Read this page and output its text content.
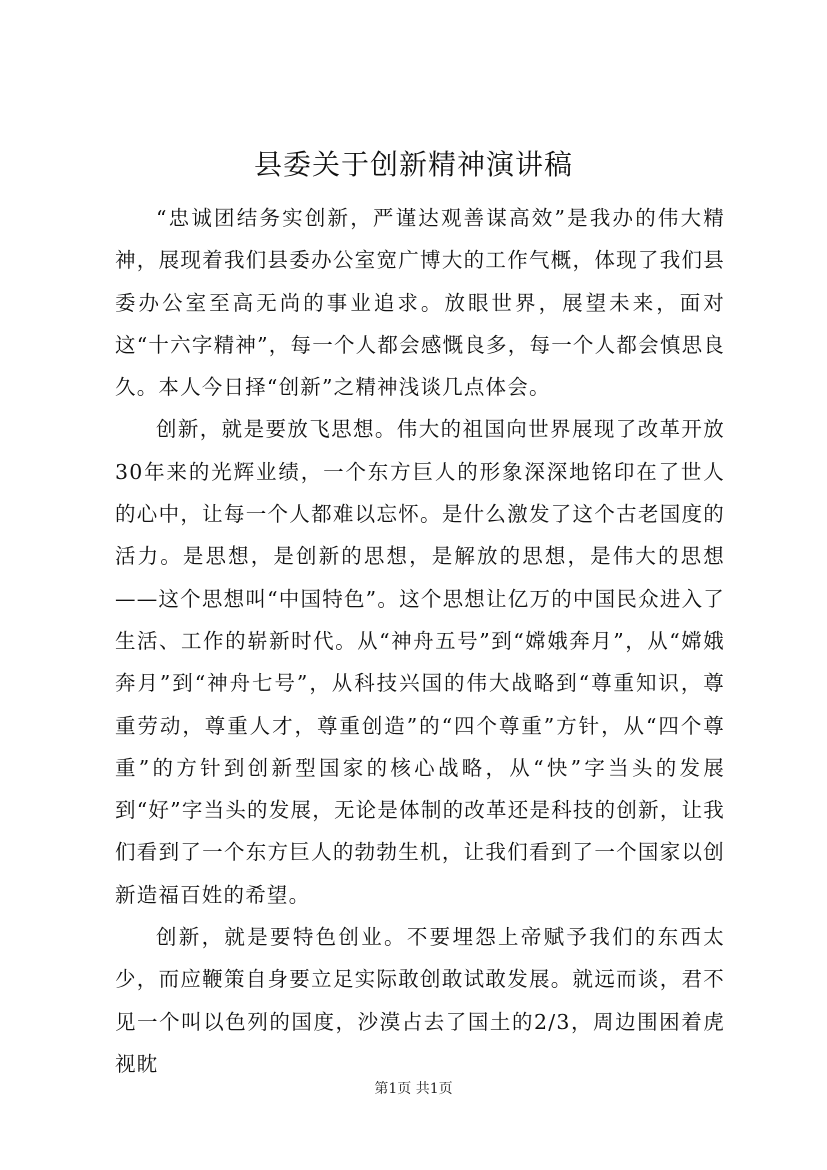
县委关于创新精神演讲稿

“忠诚团结务实创新，严谨达观善谋高效”是我办的伟大精神，展现着我们县委办公室宽广博大的工作气概，体现了我们县委办公室至高无尚的事业追求。放眼世界，展望未来，面对这“十六字精神”，每一个人都会感慨良多，每一个人都会慎思良久。本人今日择“创新”之精神浅谈几点体会。

创新，就是要放飞思想。伟大的祖国向世界展现了改革开放30年来的光辉业绩，一个东方巨人的形象深深地铭印在了世人的心中，让每一个人都难以忘怀。是什么激发了这个古老国度的活力。是思想，是创新的思想，是解放的思想，是伟大的思想——这个思想叫“中国特色”。这个思想让亿万的中国民众进入了生活、工作的崭新时代。从“神舟五号”到“嫦娥奔月”，从“嫦娥奔月”到“神舟七号”，从科技兴国的伟大战略到“尊重知识，尊重劳动，尊重人才，尊重创造”的“四个尊重”方针，从“四个尊重”的方针到创新型国家的核心战略，从“快”字当头的发展到“好”字当头的发展，无论是体制的改革还是科技的创新，让我们看到了一个东方巨人的勃勃生机，让我们看到了一个国家以创新造福百姓的希望。

创新，就是要特色创业。不要埋怨上帝赋予我们的东西太少，而应鞭策自身要立足实际敢创敢试敢发展。就远而谈，君不见一个叫以色列的国度，沙漠占去了国土的2/3，周边围困着虎视眈

第1页 共1页
